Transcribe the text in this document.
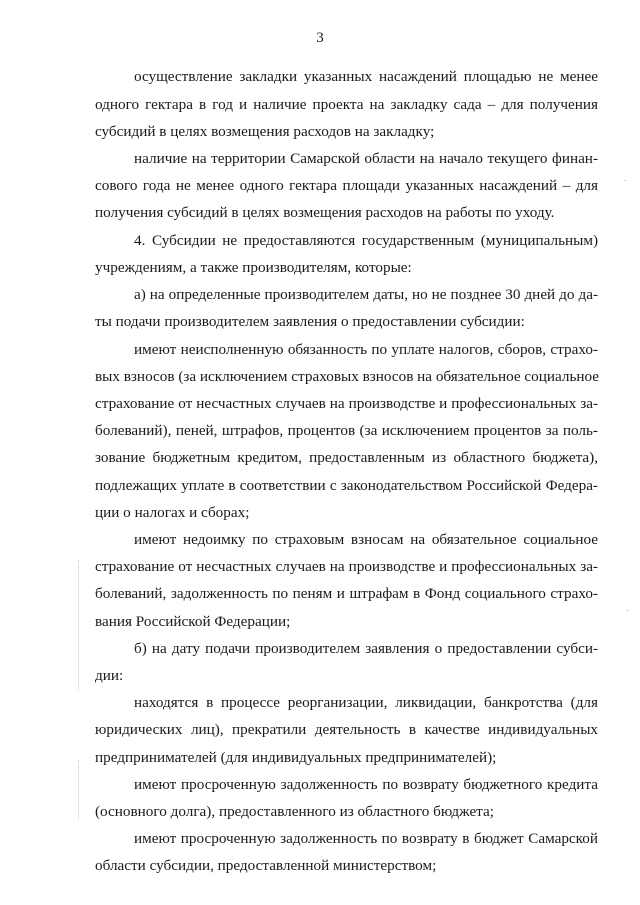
3
осуществление закладки указанных насаждений площадью не менее
одного гектара в год и наличие проекта на закладку сада – для получения
субсидий в целях возмещения расходов на закладку;
наличие на территории Самарской области на начало текущего финан-
сового года не менее одного гектара площади указанных насаждений – для
получения субсидий в целях возмещения расходов на работы по уходу.
4. Субсидии не предоставляются государственным (муниципальным)
учреждениям, а также производителям, которые:
а) на определенные производителем даты, но не позднее 30 дней до да-
ты подачи производителем заявления о предоставлении субсидии:
имеют неисполненную обязанность по уплате налогов, сборов, страхо-
вых взносов (за исключением страховых взносов на обязательное социальное
страхование от несчастных случаев на производстве и профессиональных за-
болеваний), пеней, штрафов, процентов (за исключением процентов за поль-
зование бюджетным кредитом, предоставленным из областного бюджета),
подлежащих уплате в соответствии с законодательством Российской Федера-
ции о налогах и сборах;
имеют недоимку по страховым взносам на обязательное социальное
страхование от несчастных случаев на производстве и профессиональных за-
болеваний, задолженность по пеням и штрафам в Фонд социального страхо-
вания Российской Федерации;
б) на дату подачи производителем заявления о предоставлении субси-
дии:
находятся в процессе реорганизации, ликвидации, банкротства (для
юридических лиц), прекратили деятельность в качестве индивидуальных
предпринимателей (для индивидуальных предпринимателей);
имеют просроченную задолженность по возврату бюджетного кредита
(основного долга), предоставленного из областного бюджета;
имеют просроченную задолженность по возврату в бюджет Самарской
области субсидии, предоставленной министерством;
